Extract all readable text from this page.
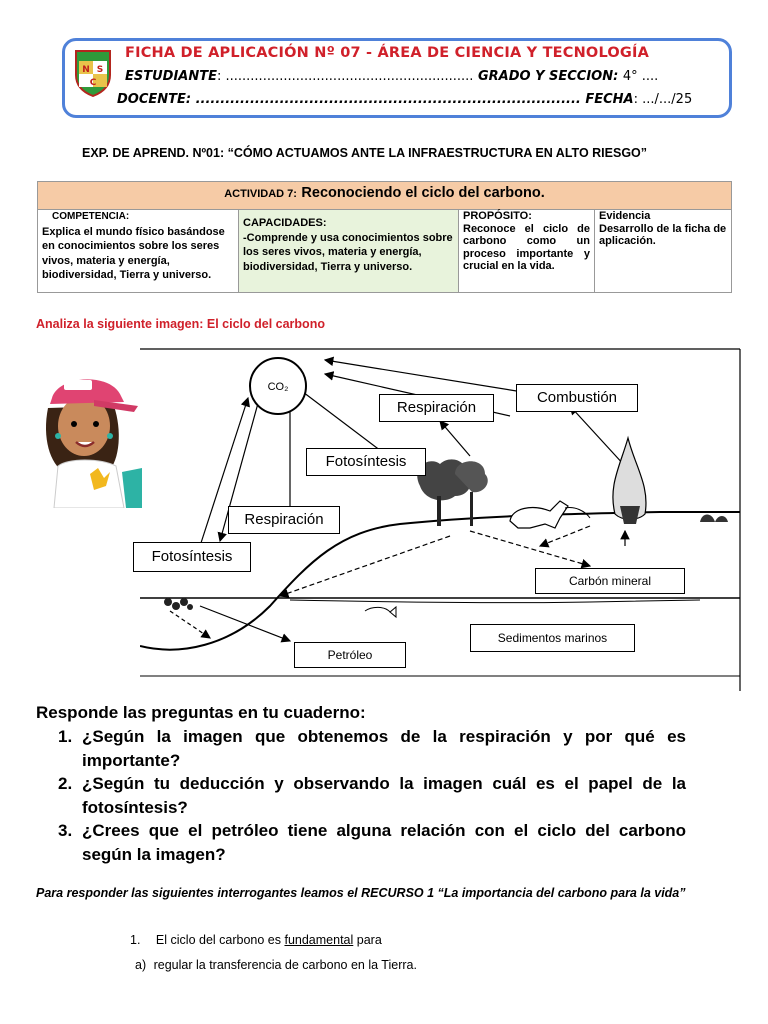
N S
C
FICHA DE APLICACIÓN Nº 07 - ÁREA DE CIENCIA Y TECNOLOGÍA
ESTUDIANTE: ............................................................ GRADO Y SECCION: 4° ....
DOCENTE: .............................................................................. FECHA: .../.../25
EXP. DE APREND. Nº01: “CÓMO ACTUAMOS ANTE LA INFRAESTRUCTURA EN ALTO RIESGO”
ACTIVIDAD 7: Reconociendo el ciclo del carbono.
COMPETENCIA:
Explica el mundo físico basándose en conocimientos sobre los seres vivos, materia y energía, biodiversidad, Tierra y universo.
CAPACIDADES:
-Comprende y usa conocimientos sobre los seres vivos, materia y energía, biodiversidad, Tierra y universo.
PROPÓSITO:
Reconoce el ciclo de carbono como un proceso importante y crucial en la vida.
Evidencia
Desarrollo de la ficha de aplicación.
Analiza la siguiente imagen: El ciclo del carbono
CO₂
Respiración
Combustión
Fotosíntesis
Respiración
Fotosíntesis
Carbón mineral
Sedimentos marinos
Petróleo
Responde las preguntas en tu cuaderno:
1. ¿Según la imagen que obtenemos de la respiración y por qué es importante?
2. ¿Según tu deducción y observando la imagen cuál es el papel de la fotosíntesis?
3. ¿Crees que el petróleo tiene alguna relación con el ciclo del carbono según la imagen?
Para responder las siguientes interrogantes leamos el RECURSO 1 “La importancia del carbono para la vida”
1. El ciclo del carbono es fundamental para
a) regular la transferencia de carbono en la Tierra.
